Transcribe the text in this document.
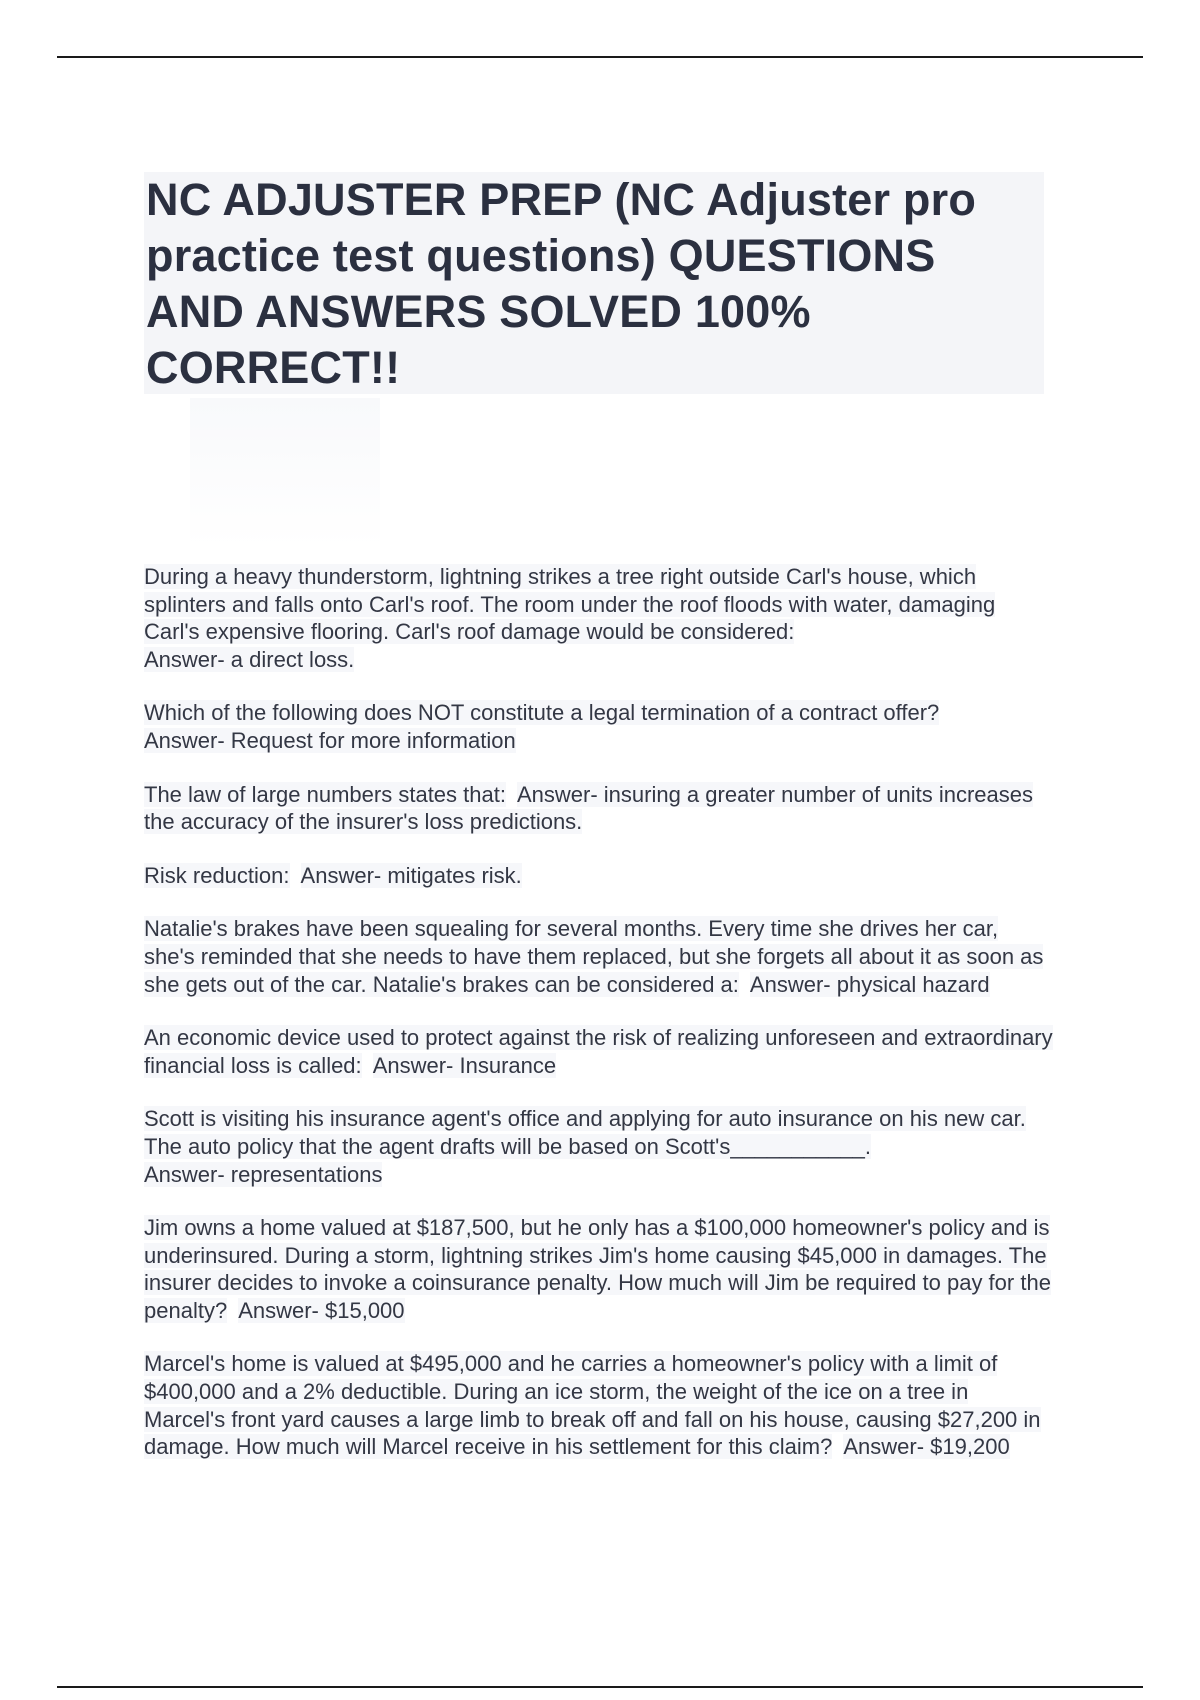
NC ADJUSTER PREP (NC Adjuster pro practice test questions) QUESTIONS AND ANSWERS SOLVED 100% CORRECT!!

During a heavy thunderstorm, lightning strikes a tree right outside Carl's house, which splinters and falls onto Carl's roof. The room under the roof floods with water, damaging Carl's expensive flooring. Carl's roof damage would be considered:
Answer- a direct loss.

Which of the following does NOT constitute a legal termination of a contract offer?
Answer- Request for more information

The law of large numbers states that: Answer- insuring a greater number of units increases the accuracy of the insurer's loss predictions.

Risk reduction: Answer- mitigates risk.

Natalie's brakes have been squealing for several months. Every time she drives her car, she's reminded that she needs to have them replaced, but she forgets all about it as soon as she gets out of the car. Natalie's brakes can be considered a: Answer- physical hazard

An economic device used to protect against the risk of realizing unforeseen and extraordinary financial loss is called: Answer- Insurance

Scott is visiting his insurance agent's office and applying for auto insurance on his new car. The auto policy that the agent drafts will be based on Scott's___________.
Answer- representations

Jim owns a home valued at $187,500, but he only has a $100,000 homeowner's policy and is underinsured. During a storm, lightning strikes Jim's home causing $45,000 in damages. The insurer decides to invoke a coinsurance penalty. How much will Jim be required to pay for the penalty? Answer- $15,000

Marcel's home is valued at $495,000 and he carries a homeowner's policy with a limit of $400,000 and a 2% deductible. During an ice storm, the weight of the ice on a tree in Marcel's front yard causes a large limb to break off and fall on his house, causing $27,200 in damage. How much will Marcel receive in his settlement for this claim? Answer- $19,200
